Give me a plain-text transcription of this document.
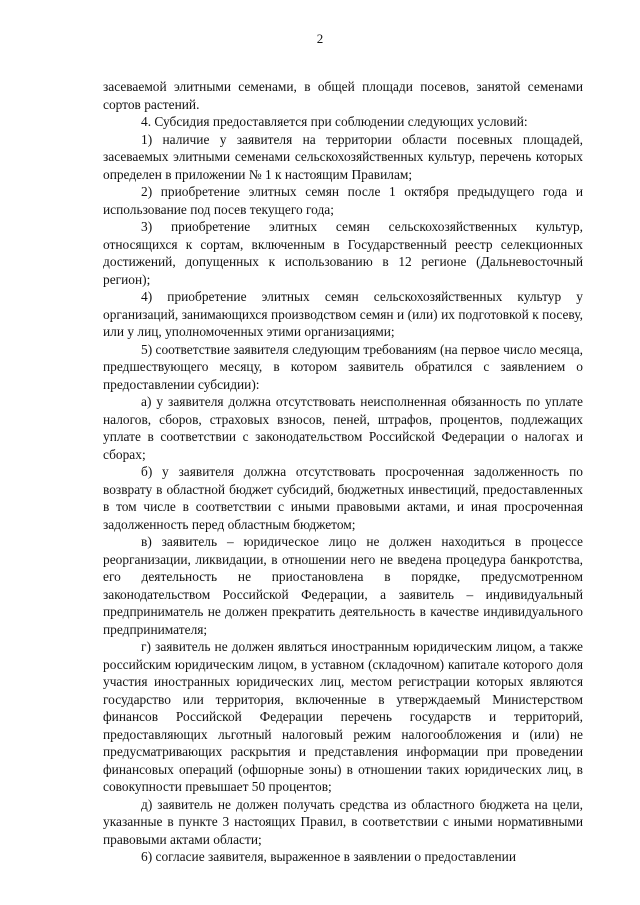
2

засеваемой элитными семенами, в общей площади посевов, занятой семенами сортов растений.

4. Субсидия предоставляется при соблюдении следующих условий:

1) наличие у заявителя на территории области посевных площадей, засеваемых элитными семенами сельскохозяйственных культур, перечень которых определен в приложении № 1 к настоящим Правилам;

2) приобретение элитных семян после 1 октября предыдущего года и использование под посев текущего года;

3) приобретение элитных семян сельскохозяйственных культур, относящихся к сортам, включенным в Государственный реестр селекционных достижений, допущенных к использованию в 12 регионе (Дальневосточный регион);

4) приобретение элитных семян сельскохозяйственных культур у организаций, занимающихся производством семян и (или) их подготовкой к посеву, или у лиц, уполномоченных этими организациями;

5) соответствие заявителя следующим требованиям (на первое число месяца, предшествующего месяцу, в котором заявитель обратился с заявлением о предоставлении субсидии):

а) у заявителя должна отсутствовать неисполненная обязанность по уплате налогов, сборов, страховых взносов, пеней, штрафов, процентов, подлежащих уплате в соответствии с законодательством Российской Федерации о налогах и сборах;

б) у заявителя должна отсутствовать просроченная задолженность по возврату в областной бюджет субсидий, бюджетных инвестиций, предоставленных в том числе в соответствии с иными правовыми актами, и иная просроченная задолженность перед областным бюджетом;

в) заявитель – юридическое лицо не должен находиться в процессе реорганизации, ликвидации, в отношении него не введена процедура банкротства, его деятельность не приостановлена в порядке, предусмотренном законодательством Российской Федерации, а заявитель – индивидуальный предприниматель не должен прекратить деятельность в качестве индивидуального предпринимателя;

г) заявитель не должен являться иностранным юридическим лицом, а также российским юридическим лицом, в уставном (складочном) капитале которого доля участия иностранных юридических лиц, местом регистрации которых являются государство или территория, включенные в утверждаемый Министерством финансов Российской Федерации перечень государств и территорий, предоставляющих льготный налоговый режим налогообложения и (или) не предусматривающих раскрытия и представления информации при проведении финансовых операций (офшорные зоны) в отношении таких юридических лиц, в совокупности превышает 50 процентов;

д) заявитель не должен получать средства из областного бюджета на цели, указанные в пункте 3 настоящих Правил, в соответствии с иными нормативными правовыми актами области;

6) согласие заявителя, выраженное в заявлении о предоставлении
